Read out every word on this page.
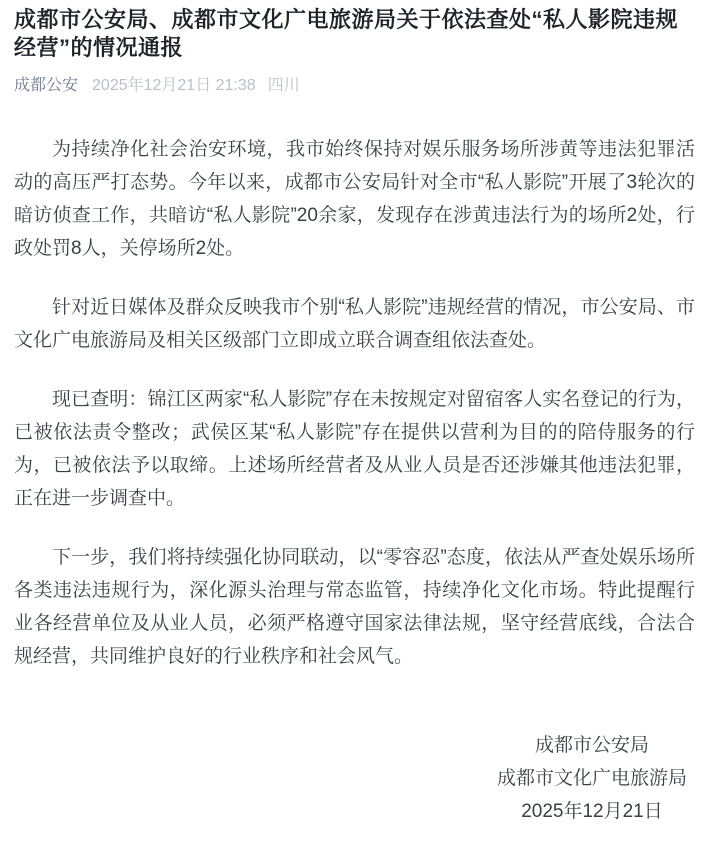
成都市公安局、成都市文化广电旅游局关于依法查处“私人影院违规经营”的情况通报
成都公安 2025年12月21日 21:38 四川

为持续净化社会治安环境，我市始终保持对娱乐服务场所涉黄等违法犯罪活动的高压严打态势。今年以来，成都市公安局针对全市“私人影院”开展了3轮次的暗访侦查工作，共暗访“私人影院”20余家，发现存在涉黄违法行为的场所2处，行政处罚8人，关停场所2处。

针对近日媒体及群众反映我市个别“私人影院”违规经营的情况，市公安局、市文化广电旅游局及相关区级部门立即成立联合调查组依法查处。

现已查明：锦江区两家“私人影院”存在未按规定对留宿客人实名登记的行为，已被依法责令整改；武侯区某“私人影院”存在提供以营利为目的的陪侍服务的行为，已被依法予以取缔。上述场所经营者及从业人员是否还涉嫌其他违法犯罪，正在进一步调查中。

下一步，我们将持续强化协同联动，以“零容忍”态度，依法从严查处娱乐场所各类违法违规行为，深化源头治理与常态监管，持续净化文化市场。特此提醒行业各经营单位及从业人员，必须严格遵守国家法律法规，坚守经营底线，合法合规经营，共同维护良好的行业秩序和社会风气。

成都市公安局
成都市文化广电旅游局
2025年12月21日
